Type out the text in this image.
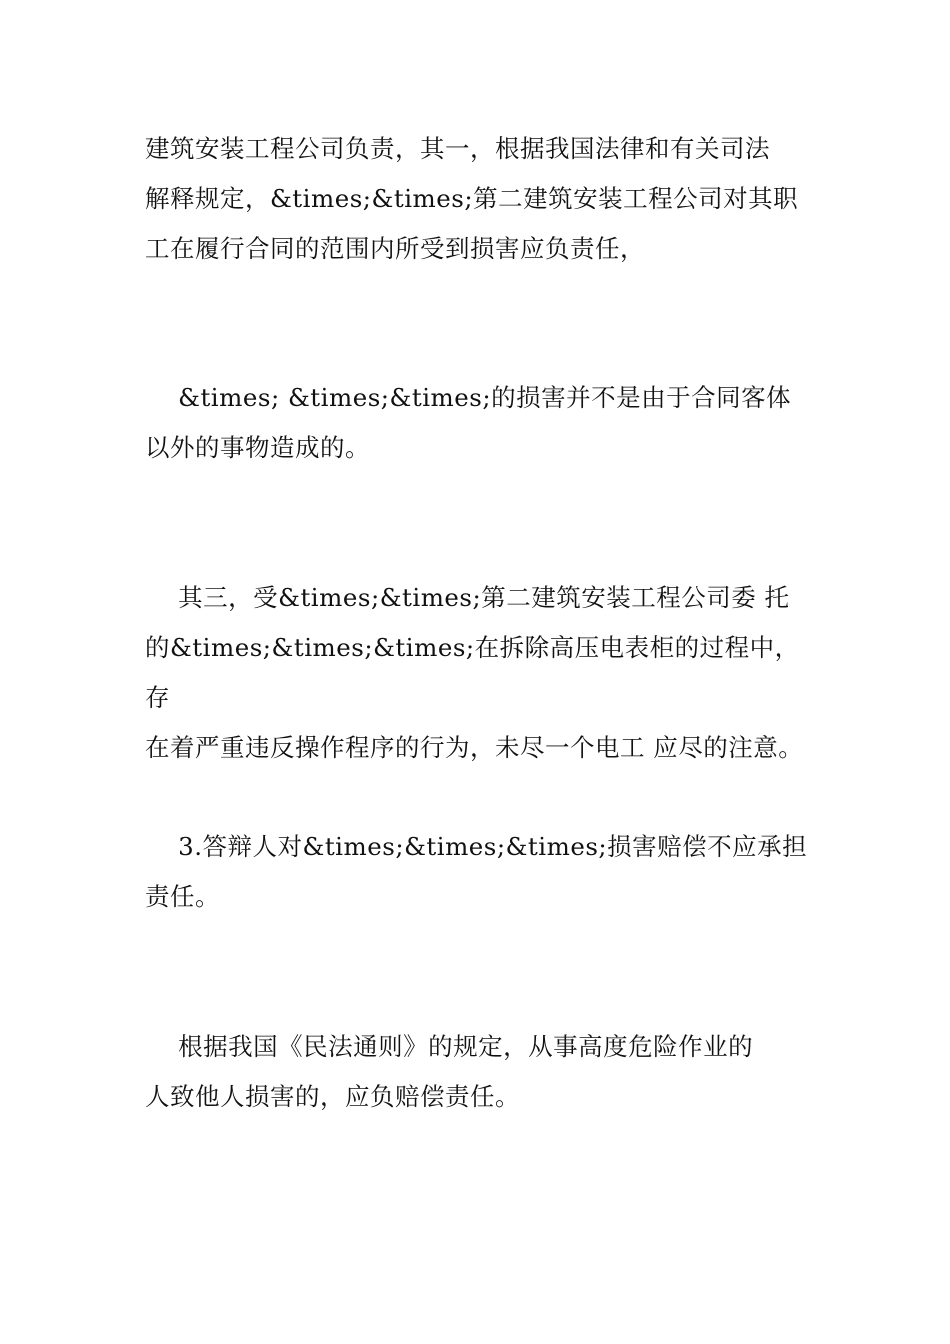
建筑安装工程公司负责，其一，根据我国法律和有关司法
解释规定，&times;&times;第二建筑安装工程公司对其职
工在履行合同的范围内所受到损害应负责任，

&times; &times;&times;的损害并不是由于合同客体
以外的事物造成的。

其三，受&times;&times;第二建筑安装工程公司委 托
的&times;&times;&times;在拆除高压电表柜的过程中，存
在着严重违反操作程序的行为，未尽一个电工 应尽的注意。

3.答辩人对&times;&times;&times;损害赔偿不应承担
责任。

根据我国《民法通则》的规定，从事高度危险作业的
人致他人损害的，应负赔偿责任。
